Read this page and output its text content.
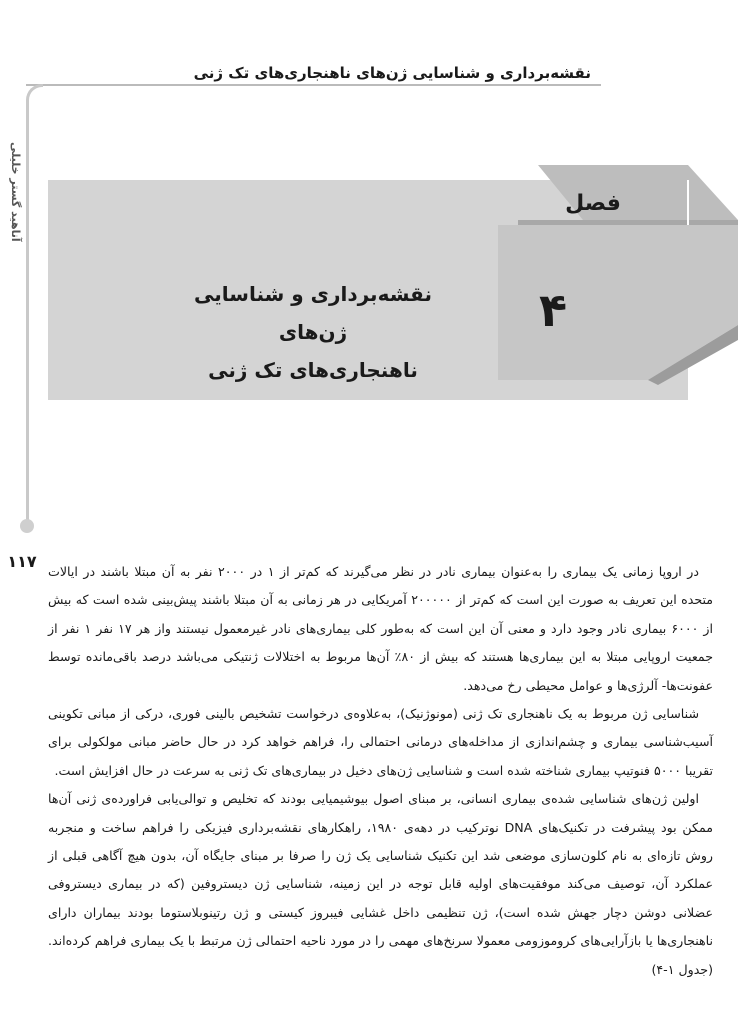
نقشه‌برداری و شناسایی ژن‌های ناهنجاری‌های تک ژنی
آناهید گستر خلیلی
۱۱۷
فصل
۴
نقشه‌برداری و شناسایی ژن‌های
ناهنجاری‌های تک ژنی

در اروپا زمانی یک بیماری را به‌عنوان بیماری نادر در نظر می‌گیرند که کم‌تر از ۱ در ۲۰۰۰ نفر به آن مبتلا باشند در ایالات متحده این تعریف به صورت این است که کم‌تر از ۲۰۰۰۰۰ آمریکایی در هر زمانی به آن مبتلا باشند پیش‌بینی شده است که بیش از ۶۰۰۰ بیماری نادر وجود دارد و معنی آن این است که به‌طور کلی بیماری‌های نادر غیرمعمول نیستند واز هر ۱۷ نفر ۱ نفر از جمعیت اروپایی مبتلا به این بیماری‌ها هستند که بیش از ۸۰٪ آن‌ها مربوط به اختلالات ژنتیکی می‌باشد درصد باقی‌مانده توسط عفونت‌ها- آلرژی‌ها و عوامل محیطی رخ می‌دهد.

شناسایی ژن مربوط به یک ناهنجاری تک ژنی (مونوژنیک)، به‌علاوه‌ی درخواست تشخیص بالینی فوری، درکی از مبانی تکوینی آسیب‌شناسی بیماری و چشم‌اندازی از مداخله‌های درمانی احتمالی را، فراهم خواهد کرد در حال حاضر مبانی مولکولی برای تقریبا ۵۰۰۰ فنوتیپ بیماری شناخته شده است و شناسایی ژن‌های دخیل در بیماری‌های تک ژنی به سرعت در حال افزایش است.

اولین ژن‌های شناسایی شده‌ی بیماری انسانی، بر مبنای اصول بیوشیمیایی بودند که تخلیص و توالی‌یابی فراورده‌ی ژنی آن‌ها ممکن بود پیشرفت در تکنیک‌های DNA نوترکیب در دهه‌ی ۱۹۸۰، راهکارهای نقشه‌برداری فیزیکی را فراهم ساخت و منجربه روش تازه‌ای به نام کلون‌سازی موضعی شد این تکنیک شناسایی یک ژن را صرفا بر مبنای جایگاه آن، بدون هیچ آگاهی قبلی از عملکرد آن، توصیف می‌کند موفقیت‌های اولیه قابل توجه در این زمینه، شناسایی ژن دیستروفین (که در بیماری دیستروفی عضلانی دوشن دچار جهش شده است)، ژن تنظیمی داخل غشایی فیبروز کیستی و ژن رتینوبلاستوما بودند بیماران دارای ناهنجاری‌ها یا بازآرایی‌های کروموزومی معمولا سرنخ‌های مهمی را در مورد ناحیه احتمالی ژن مرتبط با یک بیماری فراهم کرده‌اند. (جدول ۱-۴)
